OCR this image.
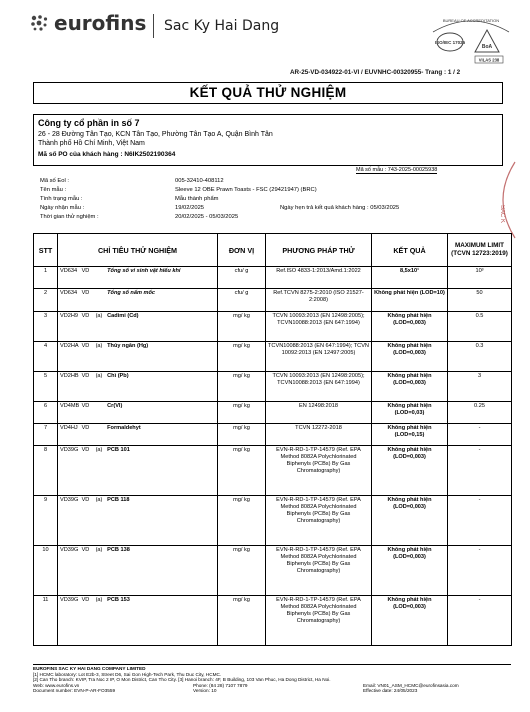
eurofins Sac Ky Hai Dang	BUREAU OF ACCREDITATION
ISO/IEC 17025
BoA
VILAS 238
AR-25-VD-034922-01-VI / EUVNHC-00320955- Trang : 1 / 2
KẾT QUẢ THỬ NGHIỆM
Công ty cổ phần in số 7
26 - 28 Đường Tân Tạo, KCN Tân Tạo, Phường Tân Tạo A, Quận Bình Tân
Thành phố Hồ Chí Minh, Việt Nam
Mã số PO của khách hàng : N6IK2502190364
Mã số mẫu : 743-2025-00025938
SAC K
Mã số Eol :	005-32410-408112
Tên mẫu :	Sleeve 12 OBE Prawn Toasts - FSC (29421947) (BRC)
Tình trạng mẫu :	Mẫu thành phẩm
Ngày nhận mẫu :	19/02/2025	Ngày hẹn trả kết quả khách hàng : 05/03/2025
Thời gian thử nghiệm :	20/02/2025 - 05/03/2025
STT	CHỈ TIÊU THỬ NGHIỆM	ĐƠN VỊ	PHƯƠNG PHÁP THỬ	KẾT QUẢ	MAXIMUM LIMIT (TCVN 12723:2019)
1	VD634 VD Tổng số vi sinh vật hiếu khí	cfu/ g	Ref.ISO 4833-1:2013/Amd.1:2022	8,5x10¹	10³
2	VD634 VD Tổng số nấm mốc	cfu/ g	Ref.TCVN 8275-2:2010 (ISO 21527-2:2008)	Không phát hiện (LOD=10)	50
3	VD2H9 VD (a) Cadimi (Cd)	mg/ kg	TCVN 10093:2013 (EN 12498:2005); TCVN10088:2013 (EN 647:1994)	Không phát hiện (LOD=0,003)	0.5
4	VD2HA VD (a) Thủy ngân (Hg)	mg/ kg	TCVN10088:2013 (EN 647:1994); TCVN 10092:2013 (EN 12497:2005)	Không phát hiện (LOD=0,003)	0.3
5	VD2HB VD (a) Chì (Pb)	mg/ kg	TCVN 10093:2013 (EN 12498:2005); TCVN10088:2013 (EN 647:1994)	Không phát hiện (LOD=0,003)	3
6	VD4MB VD Cr(VI)	mg/ kg	EN 12498:2018	Không phát hiện (LOD=0,03)	0.25
7	VD4HJ VD Formaldehyt	mg/ kg	TCVN 12272-2018	Không phát hiện (LOD=0,15)	-
8	VD39G VD (a) PCB 101	mg/ kg	EVN-R-RD-1-TP-14579 (Ref. EPA Method 8082A Polychlorinated Biphenyls (PCBs) By Gas Chromatography)	Không phát hiện (LOD=0,003)	-
9	VD39G VD (a) PCB 118	mg/ kg	EVN-R-RD-1-TP-14579 (Ref. EPA Method 8082A Polychlorinated Biphenyls (PCBs) By Gas Chromatography)	Không phát hiện (LOD=0,003)	-
10	VD39G VD (a) PCB 138	mg/ kg	EVN-R-RD-1-TP-14579 (Ref. EPA Method 8082A Polychlorinated Biphenyls (PCBs) By Gas Chromatography)	Không phát hiện (LOD=0,003)	-
11	VD39G VD (a) PCB 153	mg/ kg	EVN-R-RD-1-TP-14579 (Ref. EPA Method 8082A Polychlorinated Biphenyls (PCBs) By Gas Chromatography)	Không phát hiện (LOD=0,003)	-
EUROFINS SAC KY HAI DANG COMPANY LIMITED
[1] HCMC laboratory: Lot E2b-3, Street D6, Sai Gon High-Tech Park, Thu Duc City, HCMC.
[2] Can Tho branch: KVIP, Tra Noc 2 IP, O Mon District, Can Tho City. [3] Hanoi branch: 4F, B Building, 103 Van Phuc, Ha Dong District, Ha Noi.
Web: www.eurofins.vn	Phone: (84 28) 7107 7879	Email: VN01_ASM_HCMC@eurofinsasia.com
Document number: EVN-P-AR-FO3559	Version: 10	Effective date: 24/05/2023
